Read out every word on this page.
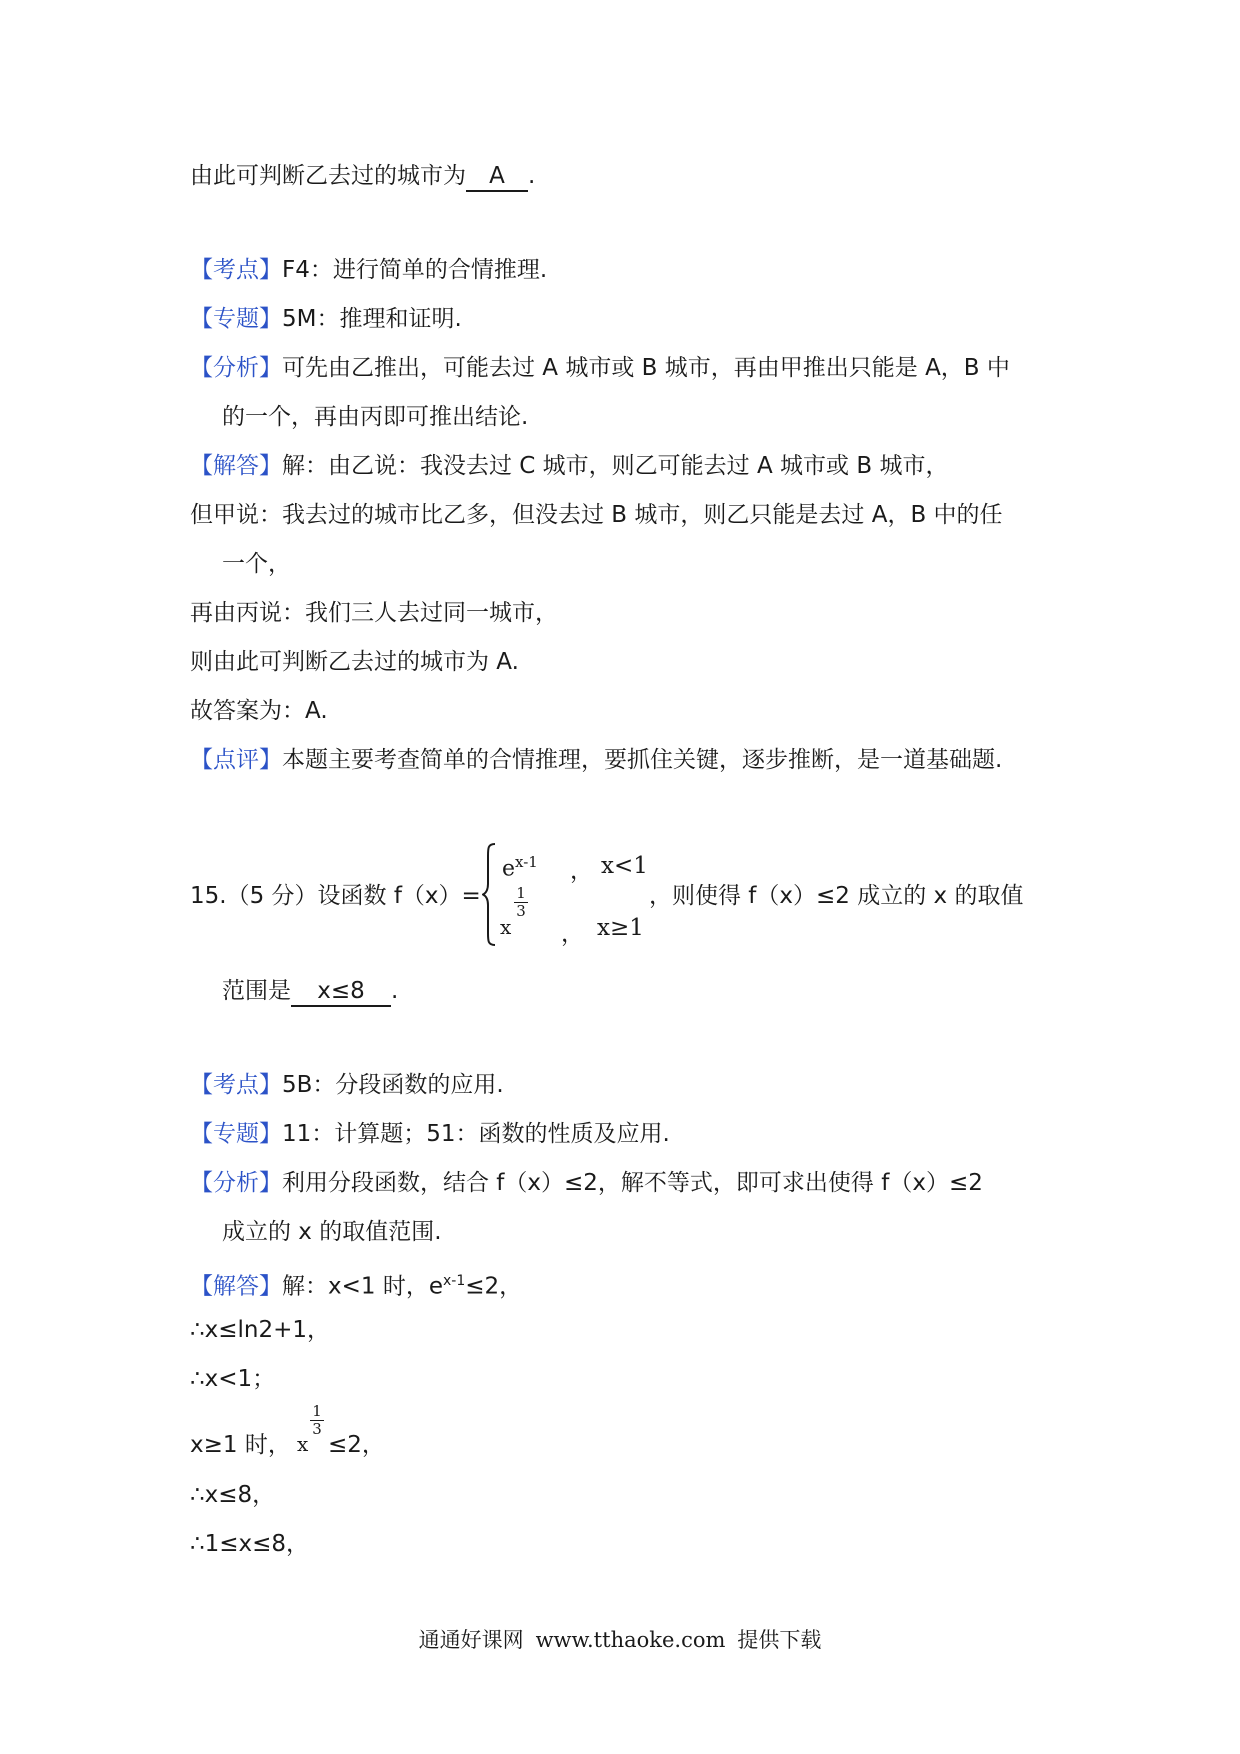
由此可判断乙去过的城市为 A .
【考点】F4：进行简单的合情推理.
【专题】5M：推理和证明.
【分析】可先由乙推出，可能去过 A 城市或 B 城市，再由甲推出只能是 A，B 中
的一个，再由丙即可推出结论.
【解答】解：由乙说：我没去过 C 城市，则乙可能去过 A 城市或 B 城市，
但甲说：我去过的城市比乙多，但没去过 B 城市，则乙只能是去过 A，B 中的任
一个，
再由丙说：我们三人去过同一城市，
则由此可判断乙去过的城市为 A.
故答案为：A.
【点评】本题主要考查简单的合情推理，要抓住关键，逐步推断，是一道基础题.
15.（5 分）设函数 f（x）=
$e^{x-1}$ ， x<1
x
1
3
， x≥1
，则使得 f（x）≤2 成立的 x 的取值
范围是 x≤8 .
【考点】5B：分段函数的应用.
【专题】11：计算题；51：函数的性质及应用.
【分析】利用分段函数，结合 f（x）≤2，解不等式，即可求出使得 f（x）≤2
成立的 x 的取值范围.
【解答】解：x<1 时，$e^{x-1}\le 2$，
∴x≤ln2+1，
∴x<1；
x≥1 时， x
1
3
≤2，
∴x≤8，
∴1≤x≤8，
通通好课网 www.tthaoke.com 提供下载
